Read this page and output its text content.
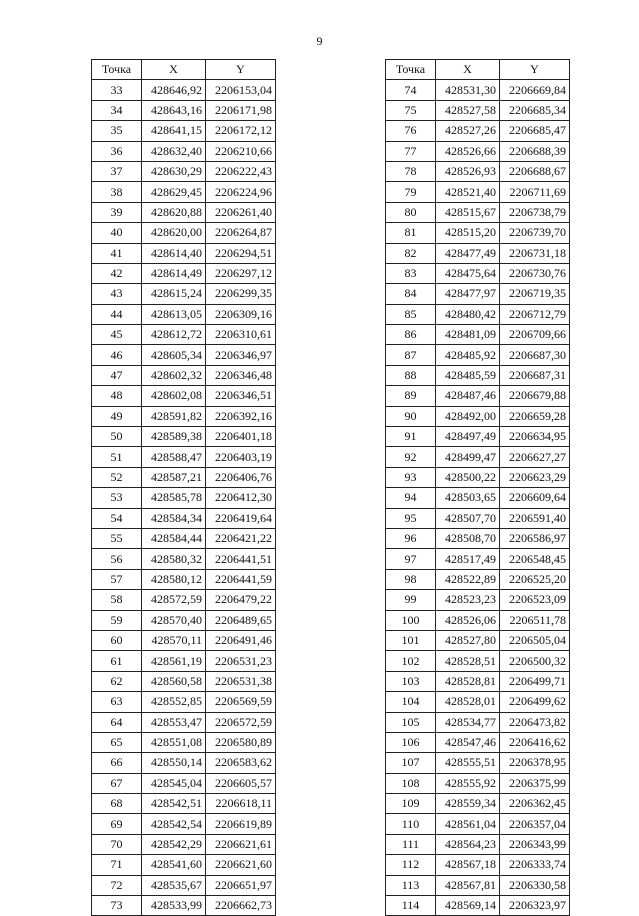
9
Точка	X	Y
33	428646,92	2206153,04
34	428643,16	2206171,98
35	428641,15	2206172,12
36	428632,40	2206210,66
37	428630,29	2206222,43
38	428629,45	2206224,96
39	428620,88	2206261,40
40	428620,00	2206264,87
41	428614,40	2206294,51
42	428614,49	2206297,12
43	428615,24	2206299,35
44	428613,05	2206309,16
45	428612,72	2206310,61
46	428605,34	2206346,97
47	428602,32	2206346,48
48	428602,08	2206346,51
49	428591,82	2206392,16
50	428589,38	2206401,18
51	428588,47	2206403,19
52	428587,21	2206406,76
53	428585,78	2206412,30
54	428584,34	2206419,64
55	428584,44	2206421,22
56	428580,32	2206441,51
57	428580,12	2206441,59
58	428572,59	2206479,22
59	428570,40	2206489,65
60	428570,11	2206491,46
61	428561,19	2206531,23
62	428560,58	2206531,38
63	428552,85	2206569,59
64	428553,47	2206572,59
65	428551,08	2206580,89
66	428550,14	2206583,62
67	428545,04	2206605,57
68	428542,51	2206618,11
69	428542,54	2206619,89
70	428542,29	2206621,61
71	428541,60	2206621,60
72	428535,67	2206651,97
73	428533,99	2206662,73
Точка	X	Y
74	428531,30	2206669,84
75	428527,58	2206685,34
76	428527,26	2206685,47
77	428526,66	2206688,39
78	428526,93	2206688,67
79	428521,40	2206711,69
80	428515,67	2206738,79
81	428515,20	2206739,70
82	428477,49	2206731,18
83	428475,64	2206730,76
84	428477,97	2206719,35
85	428480,42	2206712,79
86	428481,09	2206709,66
87	428485,92	2206687,30
88	428485,59	2206687,31
89	428487,46	2206679,88
90	428492,00	2206659,28
91	428497,49	2206634,95
92	428499,47	2206627,27
93	428500,22	2206623,29
94	428503,65	2206609,64
95	428507,70	2206591,40
96	428508,70	2206586,97
97	428517,49	2206548,45
98	428522,89	2206525,20
99	428523,23	2206523,09
100	428526,06	2206511,78
101	428527,80	2206505,04
102	428528,51	2206500,32
103	428528,81	2206499,71
104	428528,01	2206499,62
105	428534,77	2206473,82
106	428547,46	2206416,62
107	428555,51	2206378,95
108	428555,92	2206375,99
109	428559,34	2206362,45
110	428561,04	2206357,04
111	428564,23	2206343,99
112	428567,18	2206333,74
113	428567,81	2206330,58
114	428569,14	2206323,97
